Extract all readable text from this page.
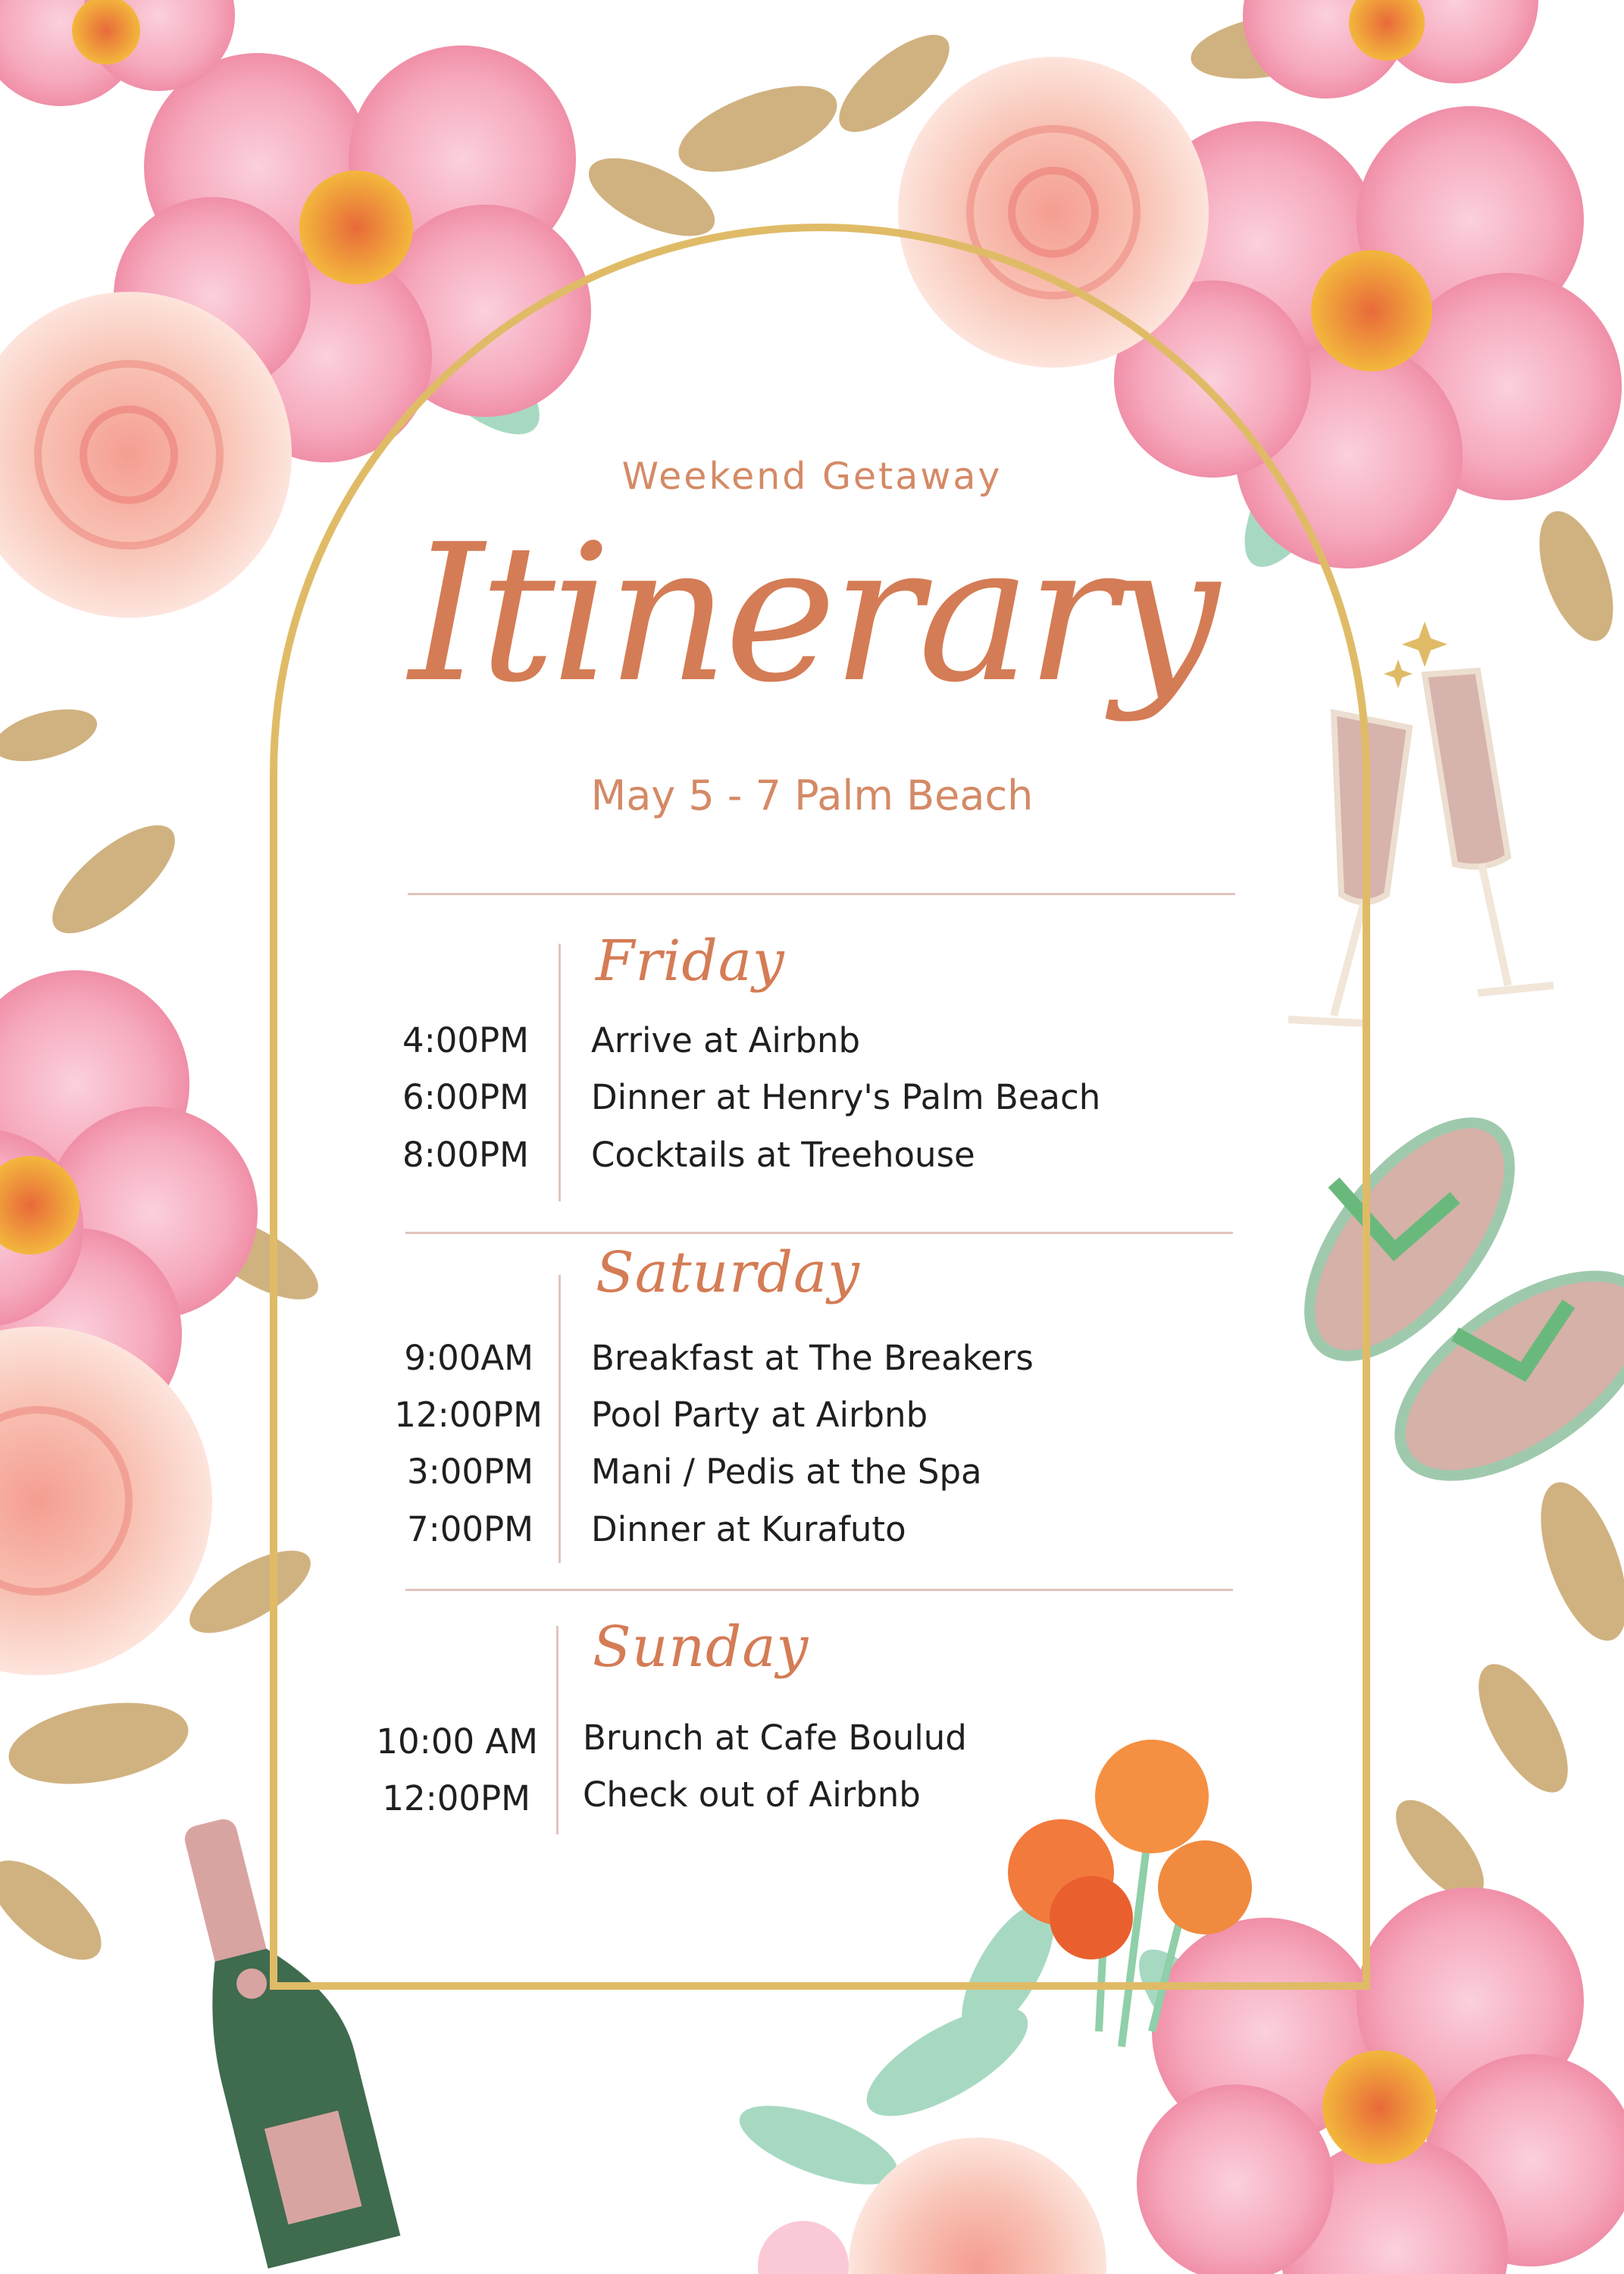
Weekend Getaway
Itinerary
May 5 - 7 Palm Beach
Friday
4:00PM Arrive at Airbnb
6:00PM Dinner at Henry's Palm Beach
8:00PM Cocktails at Treehouse
Saturday
9:00AM Breakfast at The Breakers
12:00PM Pool Party at Airbnb
3:00PM Mani / Pedis at the Spa
7:00PM Dinner at Kurafuto
Sunday
10:00 AM Brunch at Cafe Boulud
12:00PM Check out of Airbnb
